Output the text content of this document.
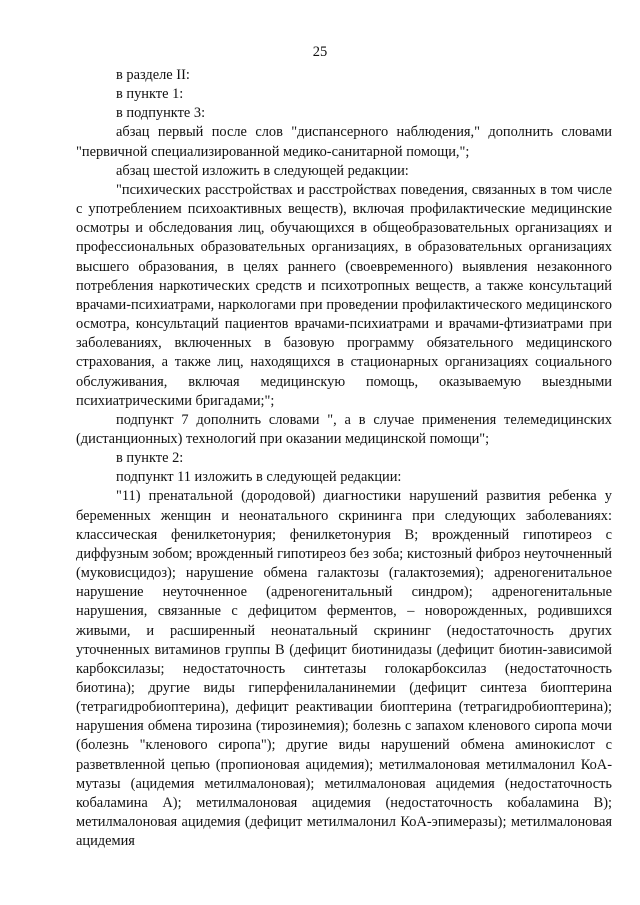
25

в разделе II:

в пункте 1:

в подпункте 3:

абзац первый после слов "диспансерного наблюдения," дополнить словами "первичной специализированной медико-санитарной помощи,";

абзац шестой изложить в следующей редакции:

"психических расстройствах и расстройствах поведения, связанных в том числе с употреблением психоактивных веществ), включая профилактические медицинские осмотры и обследования лиц, обучающихся в общеобразовательных организациях и профессиональных образовательных организациях, в образовательных организациях высшего образования, в целях раннего (своевременного) выявления незаконного потребления наркотических средств и психотропных веществ, а также консультаций врачами-психиатрами, наркологами при проведении профилактического медицинского осмотра, консультаций пациентов врачами-психиатрами и врачами-фтизиатрами при заболеваниях, включенных в базовую программу обязательного медицинского страхования, а также лиц, находящихся в стационарных организациях социального обслуживания, включая медицинскую помощь, оказываемую выездными психиатрическими бригадами;";

подпункт 7 дополнить словами ", а в случае применения телемедицинских (дистанционных) технологий при оказании медицинской помощи";

в пункте 2:

подпункт 11 изложить в следующей редакции:

"11) пренатальной (дородовой) диагностики нарушений развития ребенка у беременных женщин и неонатального скрининга при следующих заболеваниях: классическая фенилкетонурия; фенилкетонурия B; врожденный гипотиреоз с диффузным зобом; врожденный гипотиреоз без зоба; кистозный фиброз неуточненный (муковисцидоз); нарушение обмена галактозы (галактоземия); адреногенитальное нарушение неуточненное (адреногенитальный синдром); адреногенитальные нарушения, связанные с дефицитом ферментов, – новорожденных, родившихся живыми, и расширенный неонатальный скрининг (недостаточность других уточненных витаминов группы B (дефицит биотинидазы (дефицит биотин-зависимой карбоксилазы; недостаточность синтетазы голокарбоксилаз (недостаточность биотина); другие виды гиперфенилаланинемии (дефицит синтеза биоптерина (тетрагидробиоптерина), дефицит реактивации биоптерина (тетрагидробиоптерина); нарушения обмена тирозина (тирозинемия); болезнь с запахом кленового сиропа мочи (болезнь "кленового сиропа"); другие виды нарушений обмена аминокислот с разветвленной цепью (пропионовая ацидемия); метилмалоновая метилмалонил КоА-мутазы (ацидемия метилмалоновая); метилмалоновая ацидемия (недостаточность кобаламина A); метилмалоновая ацидемия (недостаточность кобаламина B); метилмалоновая ацидемия (дефицит метилмалонил КоА-эпимеразы); метилмалоновая ацидемия
